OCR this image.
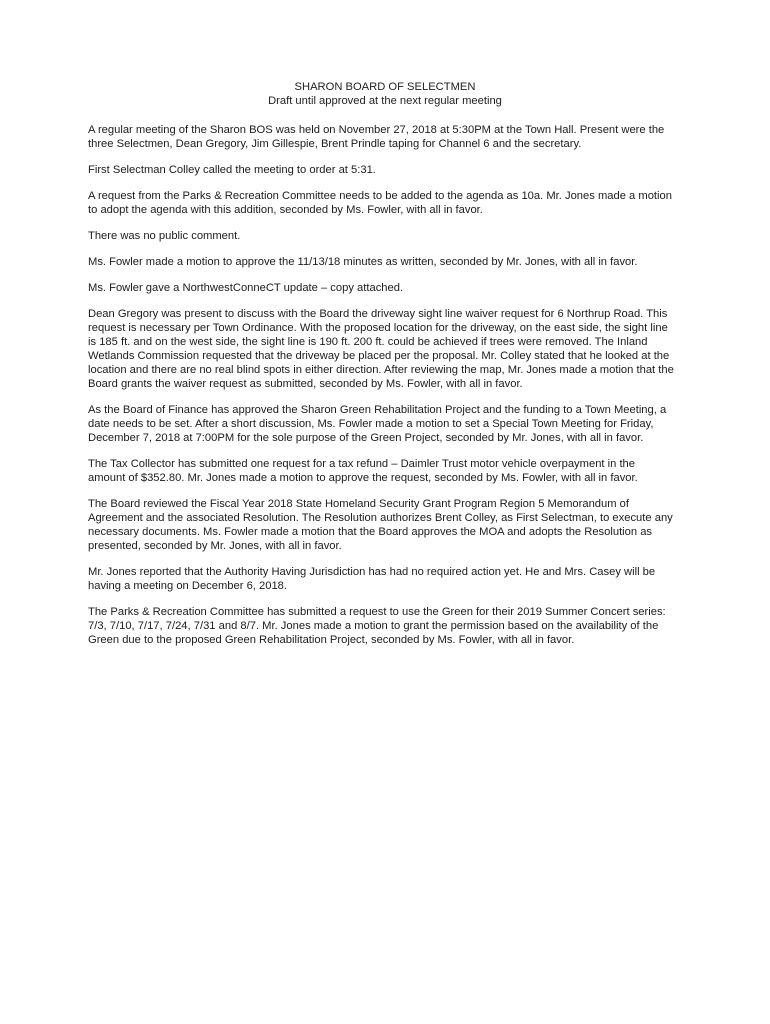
SHARON BOARD OF SELECTMEN
Draft until approved at the next regular meeting

A regular meeting of the Sharon BOS was held on November 27, 2018 at 5:30PM at the Town Hall. Present were the three Selectmen, Dean Gregory, Jim Gillespie, Brent Prindle taping for Channel 6 and the secretary.

First Selectman Colley called the meeting to order at 5:31.

A request from the Parks & Recreation Committee needs to be added to the agenda as 10a. Mr. Jones made a motion to adopt the agenda with this addition, seconded by Ms. Fowler, with all in favor.

There was no public comment.

Ms. Fowler made a motion to approve the 11/13/18 minutes as written, seconded by Mr. Jones, with all in favor.

Ms. Fowler gave a NorthwestConneCT update – copy attached.

Dean Gregory was present to discuss with the Board the driveway sight line waiver request for 6 Northrup Road. This request is necessary per Town Ordinance. With the proposed location for the driveway, on the east side, the sight line is 185 ft. and on the west side, the sight line is 190 ft. 200 ft. could be achieved if trees were removed. The Inland Wetlands Commission requested that the driveway be placed per the proposal. Mr. Colley stated that he looked at the location and there are no real blind spots in either direction. After reviewing the map, Mr. Jones made a motion that the Board grants the waiver request as submitted, seconded by Ms. Fowler, with all in favor.

As the Board of Finance has approved the Sharon Green Rehabilitation Project and the funding to a Town Meeting, a date needs to be set. After a short discussion, Ms. Fowler made a motion to set a Special Town Meeting for Friday, December 7, 2018 at 7:00PM for the sole purpose of the Green Project, seconded by Mr. Jones, with all in favor.

The Tax Collector has submitted one request for a tax refund – Daimler Trust motor vehicle overpayment in the amount of $352.80. Mr. Jones made a motion to approve the request, seconded by Ms. Fowler, with all in favor.

The Board reviewed the Fiscal Year 2018 State Homeland Security Grant Program Region 5 Memorandum of Agreement and the associated Resolution. The Resolution authorizes Brent Colley, as First Selectman, to execute any necessary documents. Ms. Fowler made a motion that the Board approves the MOA and adopts the Resolution as presented, seconded by Mr. Jones, with all in favor.

Mr. Jones reported that the Authority Having Jurisdiction has had no required action yet. He and Mrs. Casey will be having a meeting on December 6, 2018.

The Parks & Recreation Committee has submitted a request to use the Green for their 2019 Summer Concert series: 7/3, 7/10, 7/17, 7/24, 7/31 and 8/7. Mr. Jones made a motion to grant the permission based on the availability of the Green due to the proposed Green Rehabilitation Project, seconded by Ms. Fowler, with all in favor.
